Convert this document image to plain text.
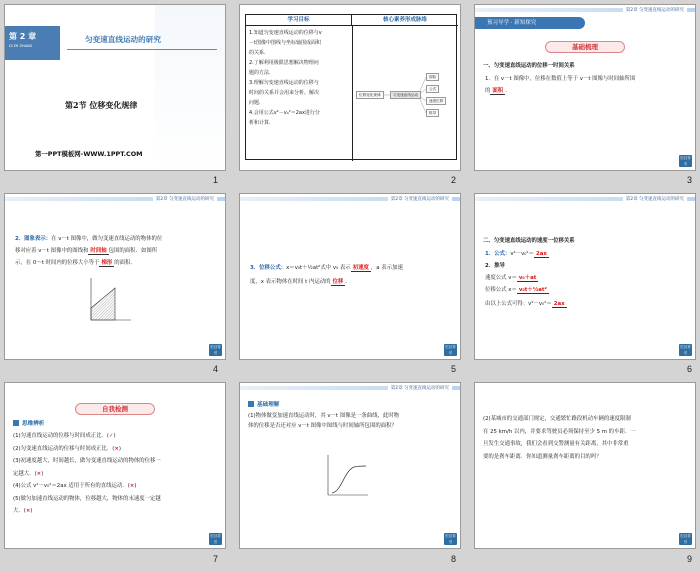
第 2 章
DI ER ZHANG
匀变速直线运动的研究
第2节 位移变化规律
第一PPT模板网-WWW.1PPT.COM
1
学习目标	核心素养形成脉络
1.知道匀变速直线运动的位移与v
－t图像中图线与坐标轴围成面积
的关系.
2.了解利用极限思想解决物理问
题的方法.
3.理解匀变速直线运动的位移与
时间的关系并会用来分析、解决
问题.
4.会用公式v²－v₀²＝2ax进行分
析和计算.
位移变化规律	匀变速直线运动
面积
公式
速度位移
推导
2
第2章 匀变速直线运动的研究
预习导学 · 新知探究
基础梳理
一、匀变速直线运动的位移一时间关系
1．在 v－t 图像中，位移在数值上等于 v－t 图像与时间轴所围
的 面积 ．
栏目导引
3
第2章 匀变速直线运动的研究
2．图象表示：在 v－t 图像中，做匀变速直线运动的物体的位
移对应着 v－t 图像中的图线和 时间轴 包围的面积．如图所
示，在 0～t 时间内的位移大小等于 梯形 的面积．
栏目导引
4
第2章 匀变速直线运动的研究
3．位移公式：x＝v₀t＋½at²式中 v₀ 表示 初速度 ，a 表示加速
度，x 表示物体在时间 t 内运动的 位移 ．
栏目导引
5
第2章 匀变速直线运动的研究
二、匀变速直线运动的速度一位移关系
1．公式：v²－v₀²＝ 2ax
2．推导
速度公式 v＝ v₀＋at
位移公式 x＝ v₀t＋½at²
由以上公式可得：v²－v₀²＝ 2ax
栏目导引
6
自我检测
思维辨析
(1)匀速直线运动的位移与时间成正比．(✓)
(2)匀变速直线运动的位移与时间成正比．(×)
(3)初速度越大，时间越长，做匀变速直线运动的物体的位移一
定越大．(×)
(4)公式 v²－v₀²＝2ax 适用于所有的直线运动．(×)
(5)做匀加速直线运动的物体，位移越大，物体的末速度一定越
大．(×)
栏目导引
7
第2章 匀变速直线运动的研究
基础理解
(1)物体做变加速直线运动时，其 v－t 图像是一条曲线，此时物
体的位移是否还对应 v－t 图像中图线与时间轴所包围的面积？
栏目导引
8
(2)某城市的交通部门规定，交通繁忙路段机动车辆的速度限制
在 25 km/h 以内，并要求驾驶员必须保持至少 5 m 的车距．一
旦发生交通事故，我们会看到交警测量有关距离，其中非常重
要的是刹车距离．你知道测量刹车距离的目的吗？
栏目导引
9
